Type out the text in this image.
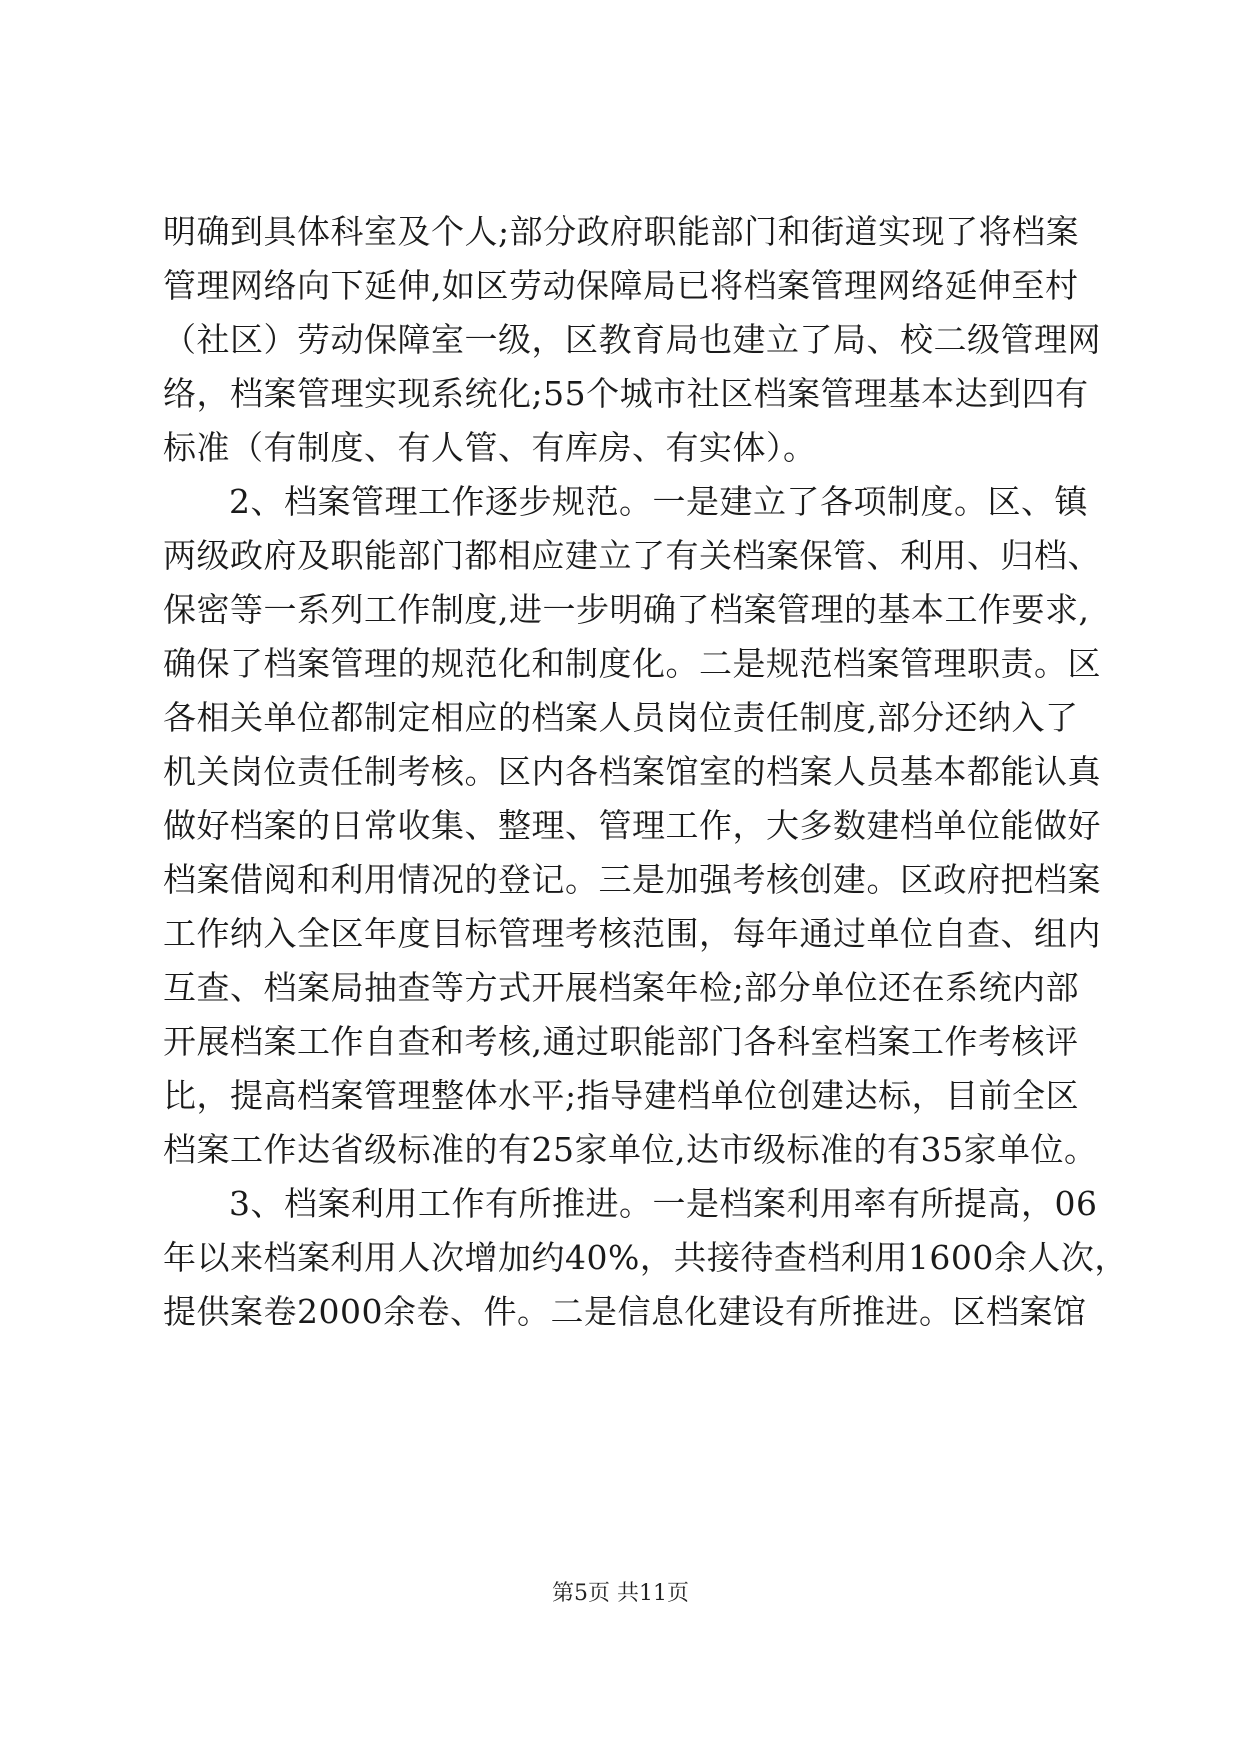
明确到具体科室及个人;部分政府职能部门和街道实现了将档案
管理网络向下延伸,如区劳动保障局已将档案管理网络延伸至村
（社区）劳动保障室一级，区教育局也建立了局、校二级管理网
络，档案管理实现系统化;55个城市社区档案管理基本达到四有
标准（有制度、有人管、有库房、有实体）。
2、档案管理工作逐步规范。一是建立了各项制度。区、镇
两级政府及职能部门都相应建立了有关档案保管、利用、归档、
保密等一系列工作制度,进一步明确了档案管理的基本工作要求,
确保了档案管理的规范化和制度化。二是规范档案管理职责。区
各相关单位都制定相应的档案人员岗位责任制度,部分还纳入了
机关岗位责任制考核。区内各档案馆室的档案人员基本都能认真
做好档案的日常收集、整理、管理工作，大多数建档单位能做好
档案借阅和利用情况的登记。三是加强考核创建。区政府把档案
工作纳入全区年度目标管理考核范围，每年通过单位自查、组内
互查、档案局抽查等方式开展档案年检;部分单位还在系统内部
开展档案工作自查和考核,通过职能部门各科室档案工作考核评
比，提高档案管理整体水平;指导建档单位创建达标，目前全区
档案工作达省级标准的有25家单位,达市级标准的有35家单位。
3、档案利用工作有所推进。一是档案利用率有所提高，06
年以来档案利用人次增加约40%，共接待查档利用1600余人次，
提供案卷2000余卷、件。二是信息化建设有所推进。区档案馆
第5页 共11页
